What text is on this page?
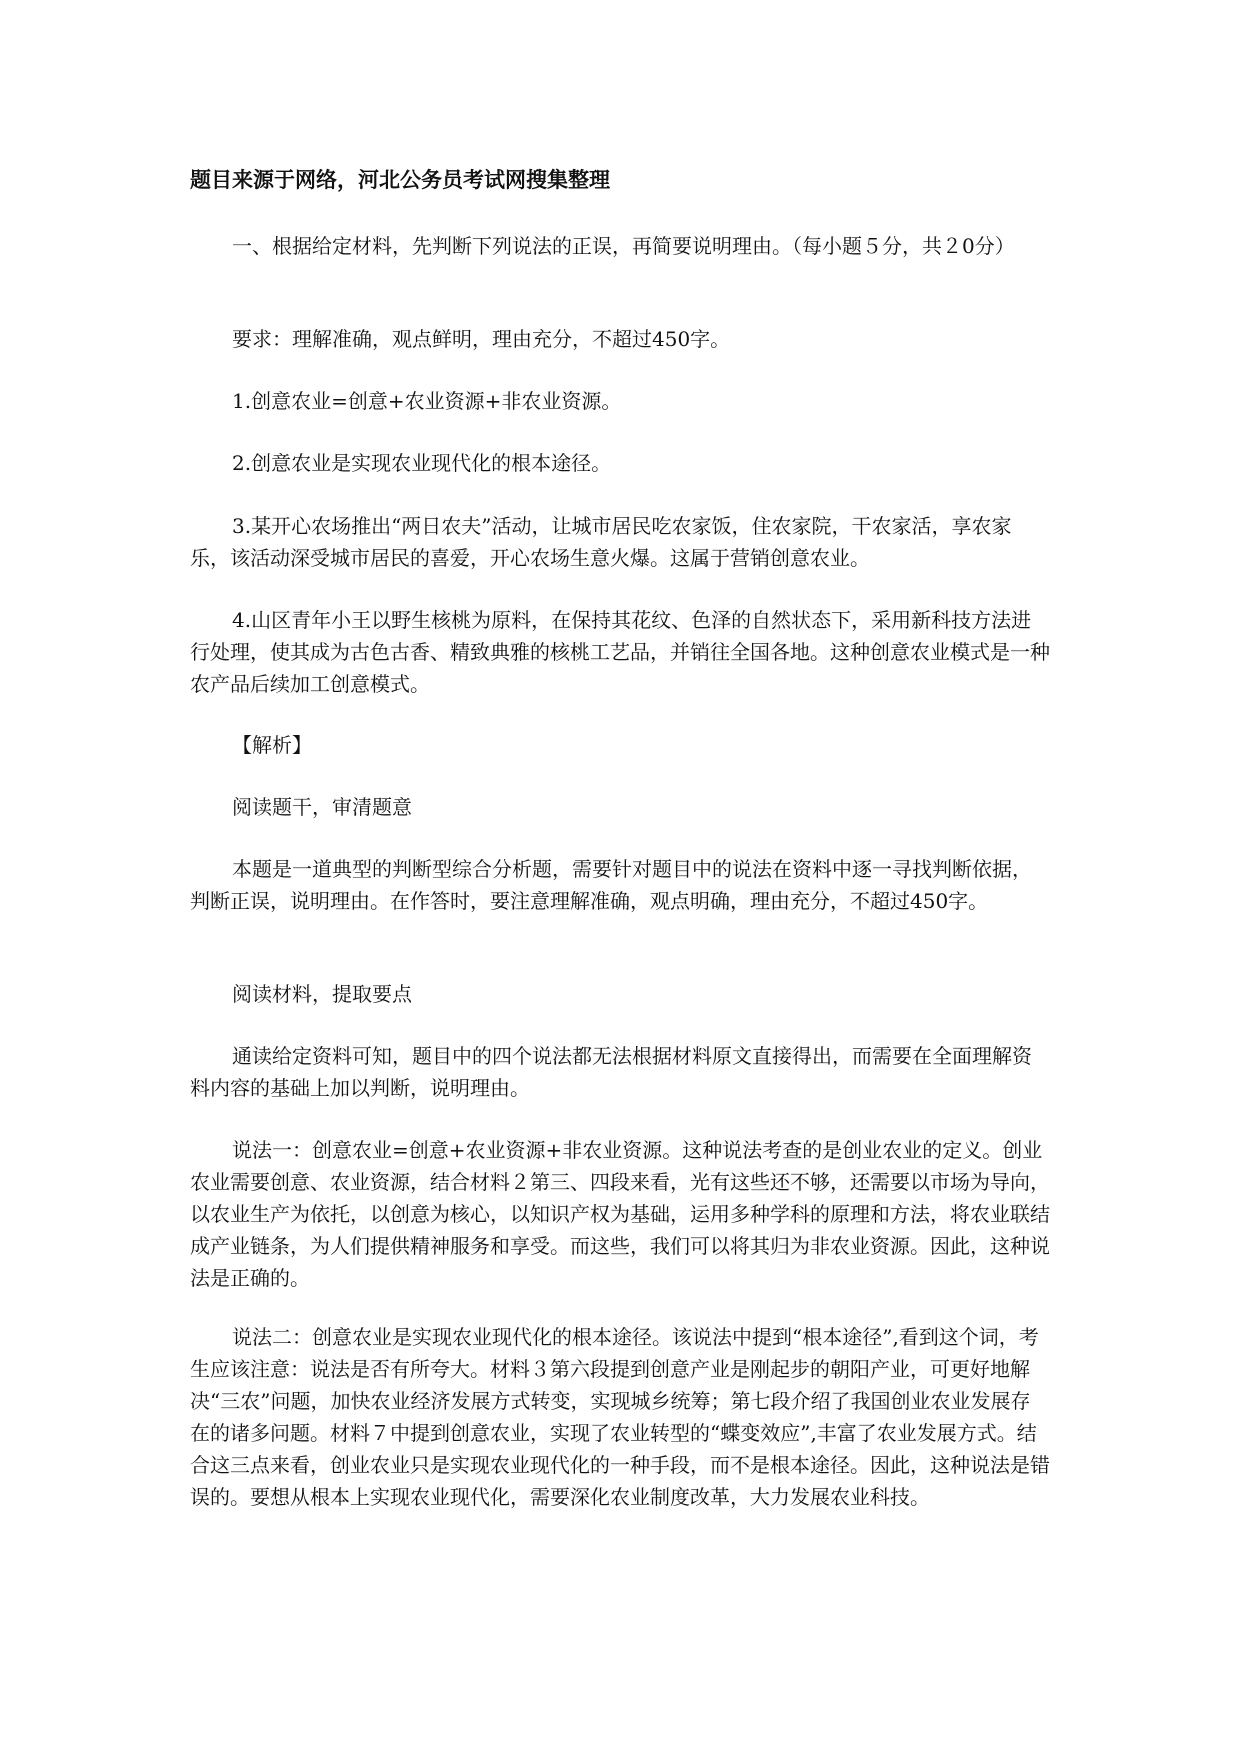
题目来源于网络，河北公务员考试网搜集整理

一、根据给定材料，先判断下列说法的正误，再简要说明理由。（每小题５分，共２0分）

要求：理解准确，观点鲜明，理由充分，不超过450字。

1.创意农业=创意+农业资源+非农业资源。

2.创意农业是实现农业现代化的根本途径。

3.某开心农场推出“两日农夫”活动，让城市居民吃农家饭，住农家院，干农家活，享农家乐，该活动深受城市居民的喜爱，开心农场生意火爆。这属于营销创意农业。

4.山区青年小王以野生核桃为原料，在保持其花纹、色泽的自然状态下，采用新科技方法进行处理，使其成为古色古香、精致典雅的核桃工艺品，并销往全国各地。这种创意农业模式是一种农产品后续加工创意模式。

【解析】

阅读题干，审清题意

本题是一道典型的判断型综合分析题，需要针对题目中的说法在资料中逐一寻找判断依据，判断正误，说明理由。在作答时，要注意理解准确，观点明确，理由充分，不超过450字。

阅读材料，提取要点

通读给定资料可知，题目中的四个说法都无法根据材料原文直接得出，而需要在全面理解资料内容的基础上加以判断，说明理由。

说法一：创意农业=创意+农业资源+非农业资源。这种说法考查的是创业农业的定义。创业农业需要创意、农业资源，结合材料２第三、四段来看，光有这些还不够，还需要以市场为导向，以农业生产为依托，以创意为核心，以知识产权为基础，运用多种学科的原理和方法，将农业联结成产业链条，为人们提供精神服务和享受。而这些，我们可以将其归为非农业资源。因此，这种说法是正确的。

说法二：创意农业是实现农业现代化的根本途径。该说法中提到“根本途径”,看到这个词，考生应该注意：说法是否有所夸大。材料３第六段提到创意产业是刚起步的朝阳产业，可更好地解决“三农”问题，加快农业经济发展方式转变，实现城乡统筹；第七段介绍了我国创业农业发展存在的诸多问题。材料７中提到创意农业，实现了农业转型的“蝶变效应”,丰富了农业发展方式。结合这三点来看，创业农业只是实现农业现代化的一种手段，而不是根本途径。因此，这种说法是错误的。要想从根本上实现农业现代化，需要深化农业制度改革，大力发展农业科技。
